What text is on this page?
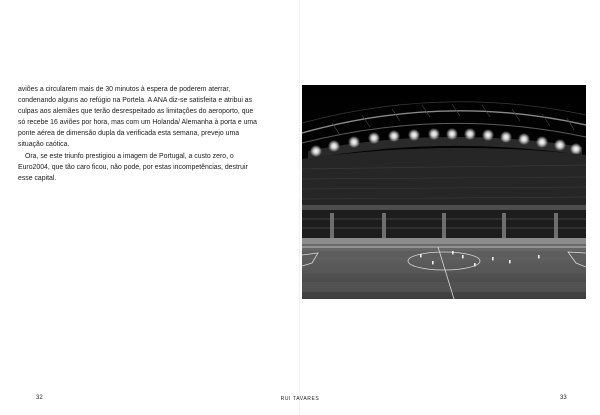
aviões a circularem mais de 30 minutos à espera de poderem aterrar, condenando alguns ao refúgio na Portela. A ANA diz-se satisfeita e atribui as culpas aos alemães que terão desrespeitado as limitações do aeroporto, que só recebe 16 aviões por hora, mas com um Holanda/ Alemanha à porta e uma ponte aérea de dimensão dupla da verificada esta semana, prevejo uma situação caótica.

Ora, se este triunfo prestigiou a imagem de Portugal, a custo zero, o Euro2004, que tão caro ficou, não pode, por estas incompetências, destruir esse capital.

32	RUI TAVARES	33
